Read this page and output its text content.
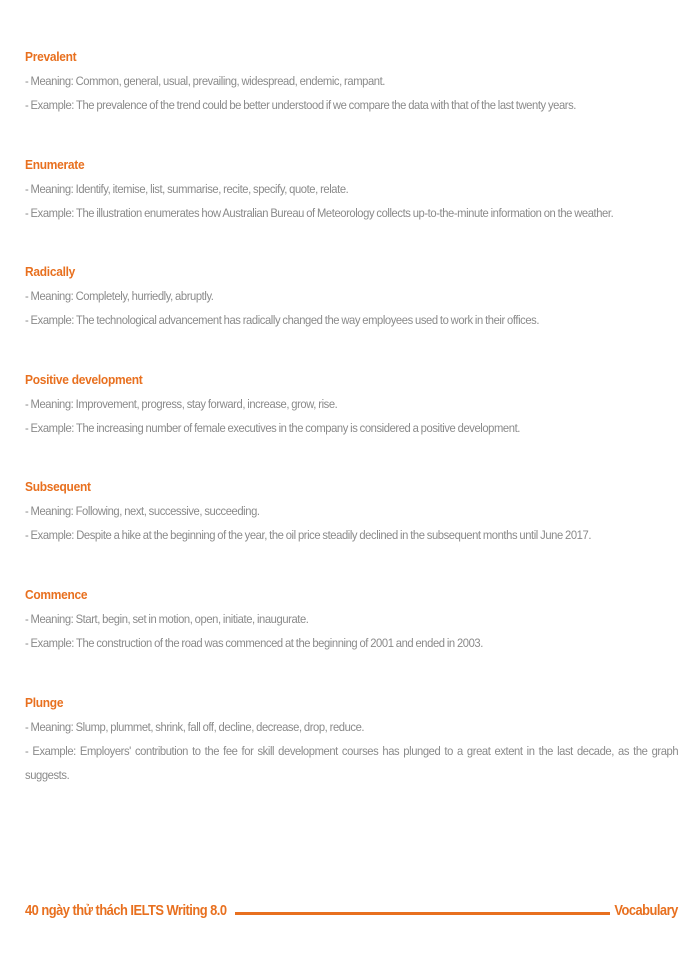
Prevalent
- Meaning: Common, general, usual, prevailing, widespread, endemic, rampant.
- Example: The prevalence of the trend could be better understood if we compare the data with that of the last twenty years.
Enumerate
- Meaning: Identify, itemise, list, summarise, recite, specify, quote, relate.
- Example: The illustration enumerates how Australian Bureau of Meteorology collects up-to-the-minute information on the weather.
Radically
- Meaning: Completely, hurriedly, abruptly.
- Example: The technological advancement has radically changed the way employees used to work in their offices.
Positive development
- Meaning: Improvement, progress, stay forward, increase, grow, rise.
- Example: The increasing number of female executives in the company is considered a positive development.
Subsequent
- Meaning: Following, next, successive, succeeding.
- Example: Despite a hike at the beginning of the year, the oil price steadily declined in the subsequent months until June 2017.
Commence
- Meaning: Start, begin, set in motion, open, initiate, inaugurate.
- Example: The construction of the road was commenced at the beginning of 2001 and ended in 2003.
Plunge
- Meaning: Slump, plummet, shrink, fall off, decline, decrease, drop, reduce.
- Example: Employers' contribution to the fee for skill development courses has plunged to a great extent in the last decade, as the graph suggests.
40 ngày thử thách IELTS Writing 8.0	Vocabulary
